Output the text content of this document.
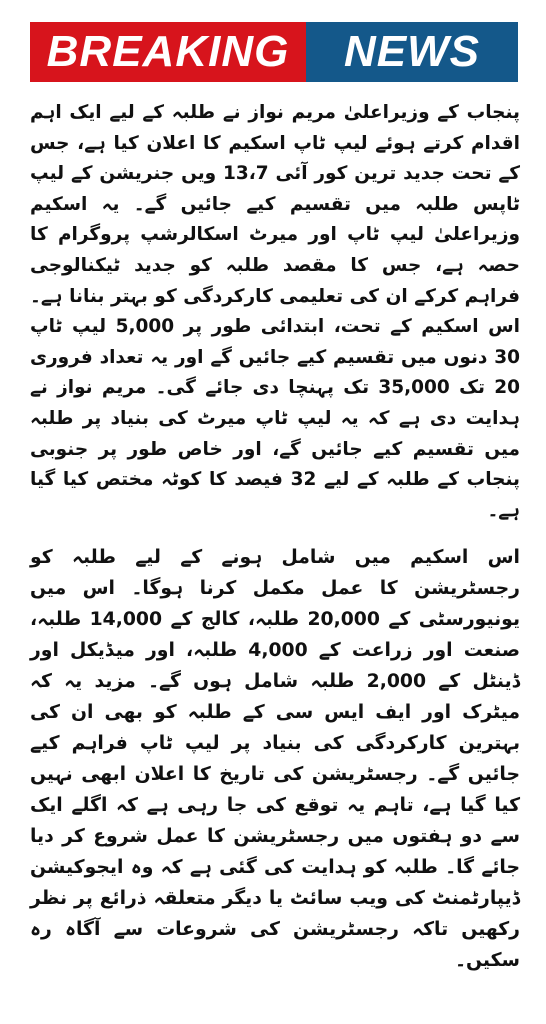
BREAKING NEWS

پنجاب کے وزیراعلیٰ مریم نواز نے طلبہ کے لیے ایک اہم اقدام کرتے ہوئے لیپ ٹاپ اسکیم کا اعلان کیا ہے، جس کے تحت جدید ترین کور آئی 13،7 ویں جنریشن کے لیپ ٹاپس طلبہ میں تقسیم کیے جائیں گے۔ یہ اسکیم وزیراعلیٰ لیپ ٹاپ اور میرٹ اسکالرشپ پروگرام کا حصہ ہے، جس کا مقصد طلبہ کو جدید ٹیکنالوجی فراہم کرکے ان کی تعلیمی کارکردگی کو بہتر بنانا ہے۔ اس اسکیم کے تحت، ابتدائی طور پر 5,000 لیپ ٹاپ 30 دنوں میں تقسیم کیے جائیں گے اور یہ تعداد فروری 20 تک 35,000 تک پہنچا دی جائے گی۔ مریم نواز نے ہدایت دی ہے کہ یہ لیپ ٹاپ میرٹ کی بنیاد پر طلبہ میں تقسیم کیے جائیں گے، اور خاص طور پر جنوبی پنجاب کے طلبہ کے لیے 32 فیصد کا کوٹہ مختص کیا گیا ہے۔

اس اسکیم میں شامل ہونے کے لیے طلبہ کو رجسٹریشن کا عمل مکمل کرنا ہوگا۔ اس میں یونیورسٹی کے 20,000 طلبہ، کالج کے 14,000 طلبہ، صنعت اور زراعت کے 4,000 طلبہ، اور میڈیکل اور ڈینٹل کے 2,000 طلبہ شامل ہوں گے۔ مزید یہ کہ میٹرک اور ایف ایس سی کے طلبہ کو بھی ان کی بہترین کارکردگی کی بنیاد پر لیپ ٹاپ فراہم کیے جائیں گے۔ رجسٹریشن کی تاریخ کا اعلان ابھی نہیں کیا گیا ہے، تاہم یہ توقع کی جا رہی ہے کہ اگلے ایک سے دو ہفتوں میں رجسٹریشن کا عمل شروع کر دیا جائے گا۔ طلبہ کو ہدایت کی گئی ہے کہ وہ ایجوکیشن ڈیپارٹمنٹ کی ویب سائٹ یا دیگر متعلقہ ذرائع پر نظر رکھیں تاکہ رجسٹریشن کی شروعات سے آگاہ رہ سکیں۔
